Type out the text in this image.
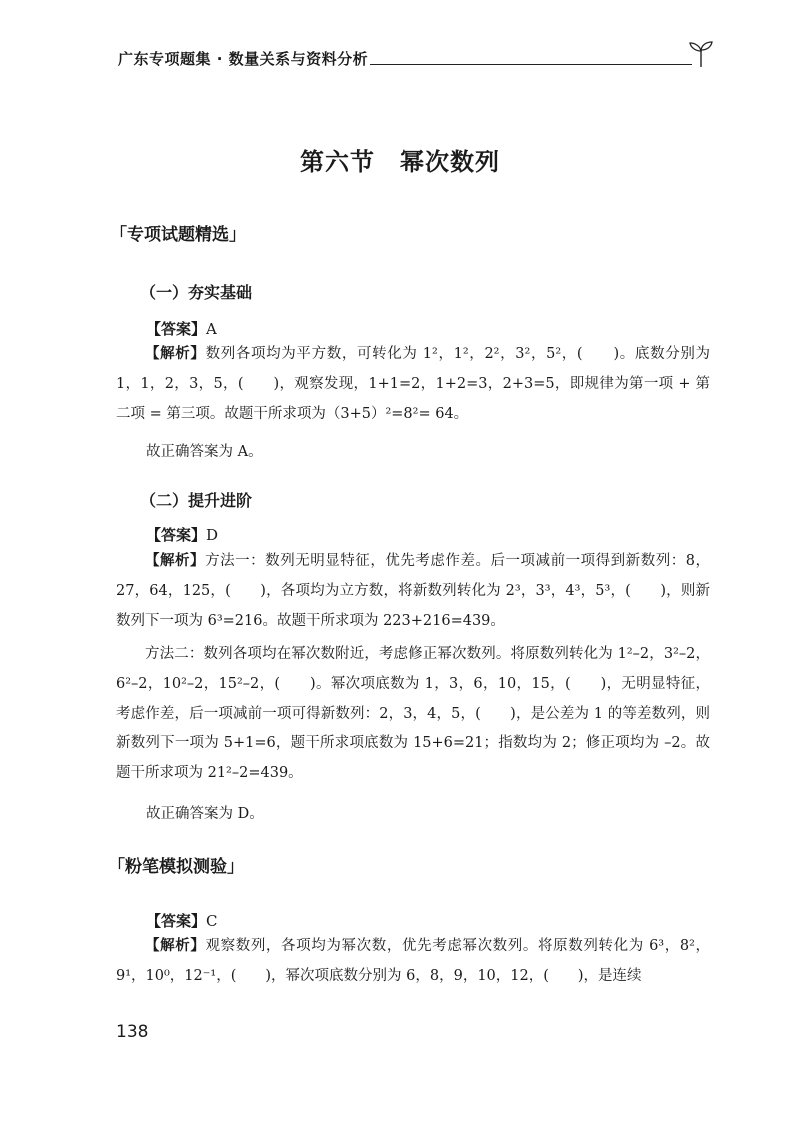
广东专项题集 · 数量关系与资料分析
第六节　幂次数列
「专项试题精选」
（一）夯实基础
【答案】A

【解析】数列各项均为平方数，可转化为 1²，1²，2²，3²，5²，(　　)。底数分别为 1，1，2，3，5，(　　)，观察发现，1+1=2，1+2=3，2+3=5，即规律为第一项 + 第二项 = 第三项。故题干所求项为（3+5）²=8²= 64。

故正确答案为 A。
（二）提升进阶
【答案】D

【解析】方法一：数列无明显特征，优先考虑作差。后一项减前一项得到新数列：8，27，64，125，(　　)，各项均为立方数，将新数列转化为 2³，3³，4³，5³，(　　)，则新数列下一项为 6³=216。故题干所求项为 223+216=439。

方法二：数列各项均在幂次数附近，考虑修正幂次数列。将原数列转化为 1²–2，3²–2，6²–2，10²–2，15²–2，(　　)。幂次项底数为 1，3，6，10，15，(　　)，无明显特征，考虑作差，后一项减前一项可得新数列：2，3，4，5，(　　)，是公差为 1 的等差数列，则新数列下一项为 5+1=6，题干所求项底数为 15+6=21；指数均为 2；修正项均为 –2。故题干所求项为 21²–2=439。

故正确答案为 D。
「粉笔模拟测验」
【答案】C

【解析】观察数列，各项均为幂次数，优先考虑幂次数列。将原数列转化为 6³，8²，9¹，10⁰，12⁻¹，(　　)，幂次项底数分别为 6，8，9，10，12，(　　)，是连续

138
